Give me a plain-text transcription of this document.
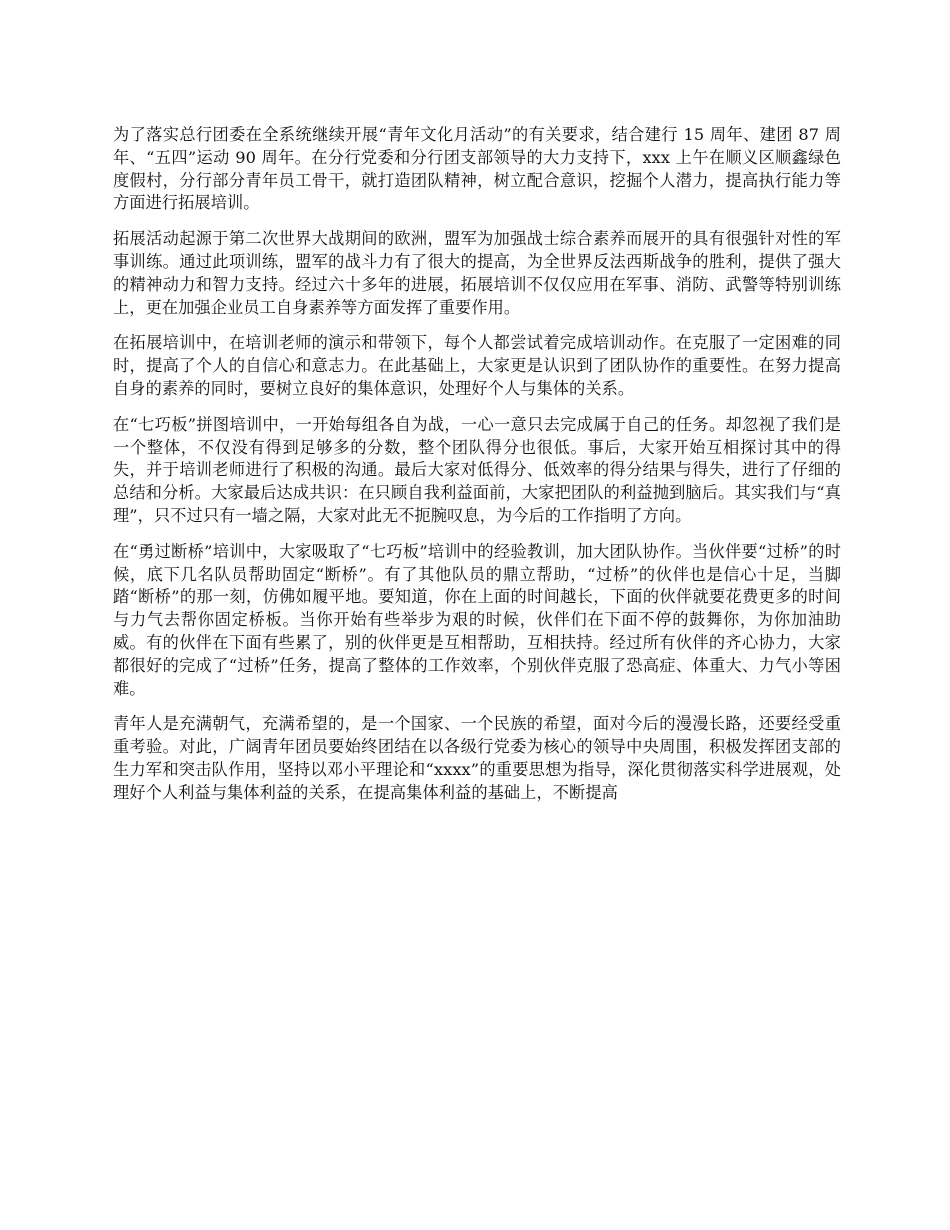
为了落实总行团委在全系统继续开展“青年文化月活动”的有关要求，结合建行 15 周年、建团 87 周年、“五四”运动 90 周年。在分行党委和分行团支部领导的大力支持下，xxx 上午在顺义区顺鑫绿色度假村，分行部分青年员工骨干，就打造团队精神，树立配合意识，挖掘个人潜力，提高执行能力等方面进行拓展培训。

拓展活动起源于第二次世界大战期间的欧洲，盟军为加强战士综合素养而展开的具有很强针对性的军事训练。通过此项训练，盟军的战斗力有了很大的提高，为全世界反法西斯战争的胜利，提供了强大的精神动力和智力支持。经过六十多年的进展，拓展培训不仅仅应用在军事、消防、武警等特别训练上，更在加强企业员工自身素养等方面发挥了重要作用。

在拓展培训中，在培训老师的演示和带领下，每个人都尝试着完成培训动作。在克服了一定困难的同时，提高了个人的自信心和意志力。在此基础上，大家更是认识到了团队协作的重要性。在努力提高自身的素养的同时，要树立良好的集体意识，处理好个人与集体的关系。

在“七巧板”拼图培训中，一开始每组各自为战，一心一意只去完成属于自己的任务。却忽视了我们是一个整体，不仅没有得到足够多的分数，整个团队得分也很低。事后，大家开始互相探讨其中的得失，并于培训老师进行了积极的沟通。最后大家对低得分、低效率的得分结果与得失，进行了仔细的总结和分析。大家最后达成共识：在只顾自我利益面前，大家把团队的利益抛到脑后。其实我们与“真理”，只不过只有一墙之隔，大家对此无不扼腕叹息，为今后的工作指明了方向。

在“勇过断桥”培训中，大家吸取了“七巧板”培训中的经验教训，加大团队协作。当伙伴要“过桥”的时候，底下几名队员帮助固定“断桥”。有了其他队员的鼎立帮助，“过桥”的伙伴也是信心十足，当脚踏“断桥”的那一刻，仿佛如履平地。要知道，你在上面的时间越长，下面的伙伴就要花费更多的时间与力气去帮你固定桥板。当你开始有些举步为艰的时候，伙伴们在下面不停的鼓舞你，为你加油助威。有的伙伴在下面有些累了，别的伙伴更是互相帮助，互相扶持。经过所有伙伴的齐心协力，大家都很好的完成了“过桥”任务，提高了整体的工作效率，个别伙伴克服了恐高症、体重大、力气小等困难。

青年人是充满朝气，充满希望的，是一个国家、一个民族的希望，面对今后的漫漫长路，还要经受重重考验。对此，广阔青年团员要始终团结在以各级行党委为核心的领导中央周围，积极发挥团支部的生力军和突击队作用，坚持以邓小平理论和“xxxx”的重要思想为指导，深化贯彻落实科学进展观，处理好个人利益与集体利益的关系，在提高集体利益的基础上，不断提高
